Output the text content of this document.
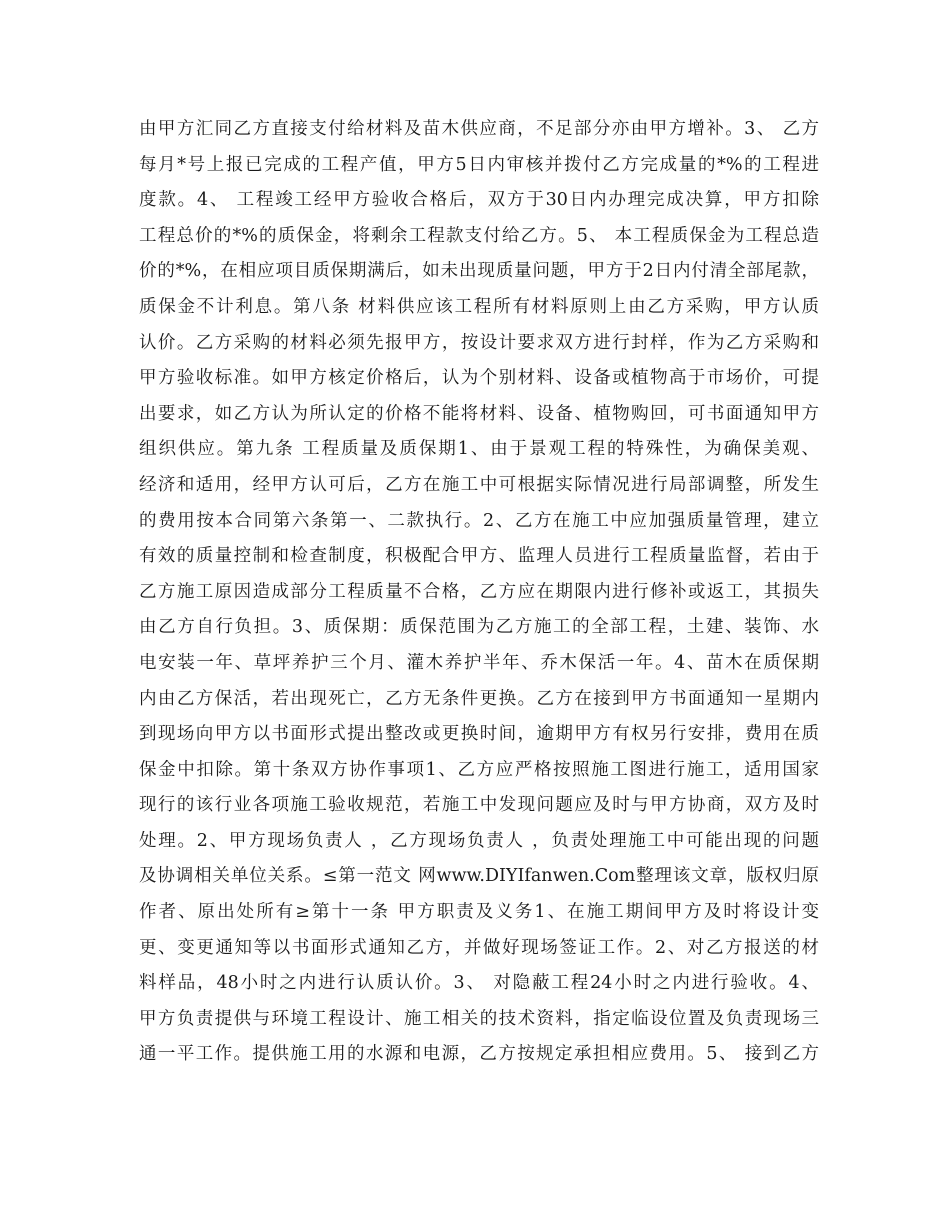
由甲方汇同乙方直接支付给材料及苗木供应商，不足部分亦由甲方增补。3、 乙方
每月*号上报已完成的工程产值，甲方5日内审核并拨付乙方完成量的*%的工程进
度款。4、 工程竣工经甲方验收合格后，双方于30日内办理完成决算，甲方扣除
工程总价的*%的质保金，将剩余工程款支付给乙方。5、 本工程质保金为工程总造
价的*%，在相应项目质保期满后，如未出现质量问题，甲方于2日内付清全部尾款，
质保金不计利息。第八条 材料供应该工程所有材料原则上由乙方采购，甲方认质
认价。乙方采购的材料必须先报甲方，按设计要求双方进行封样，作为乙方采购和
甲方验收标准。如甲方核定价格后，认为个别材料、设备或植物高于市场价，可提
出要求，如乙方认为所认定的价格不能将材料、设备、植物购回，可书面通知甲方
组织供应。第九条 工程质量及质保期1、由于景观工程的特殊性，为确保美观、
经济和适用，经甲方认可后，乙方在施工中可根据实际情况进行局部调整，所发生
的费用按本合同第六条第一、二款执行。2、乙方在施工中应加强质量管理，建立
有效的质量控制和检查制度，积极配合甲方、监理人员进行工程质量监督，若由于
乙方施工原因造成部分工程质量不合格，乙方应在期限内进行修补或返工，其损失
由乙方自行负担。3、质保期：质保范围为乙方施工的全部工程，土建、装饰、水
电安装一年、草坪养护三个月、灌木养护半年、乔木保活一年。4、苗木在质保期
内由乙方保活，若出现死亡，乙方无条件更换。乙方在接到甲方书面通知一星期内
到现场向甲方以书面形式提出整改或更换时间，逾期甲方有权另行安排，费用在质
保金中扣除。第十条双方协作事项1、乙方应严格按照施工图进行施工，适用国家
现行的该行业各项施工验收规范，若施工中发现问题应及时与甲方协商，双方及时
处理。2、甲方现场负责人 ，乙方现场负责人 ，负责处理施工中可能出现的问题
及协调相关单位关系。≤第一范文 网www.DIYIfanwen.Com整理该文章，版权归原
作者、原出处所有≥第十一条 甲方职责及义务1、在施工期间甲方及时将设计变
更、变更通知等以书面形式通知乙方，并做好现场签证工作。2、对乙方报送的材
料样品，48小时之内进行认质认价。3、 对隐蔽工程24小时之内进行验收。4、
甲方负责提供与环境工程设计、施工相关的技术资料，指定临设位置及负责现场三
通一平工作。提供施工用的水源和电源，乙方按规定承担相应费用。5、 接到乙方
